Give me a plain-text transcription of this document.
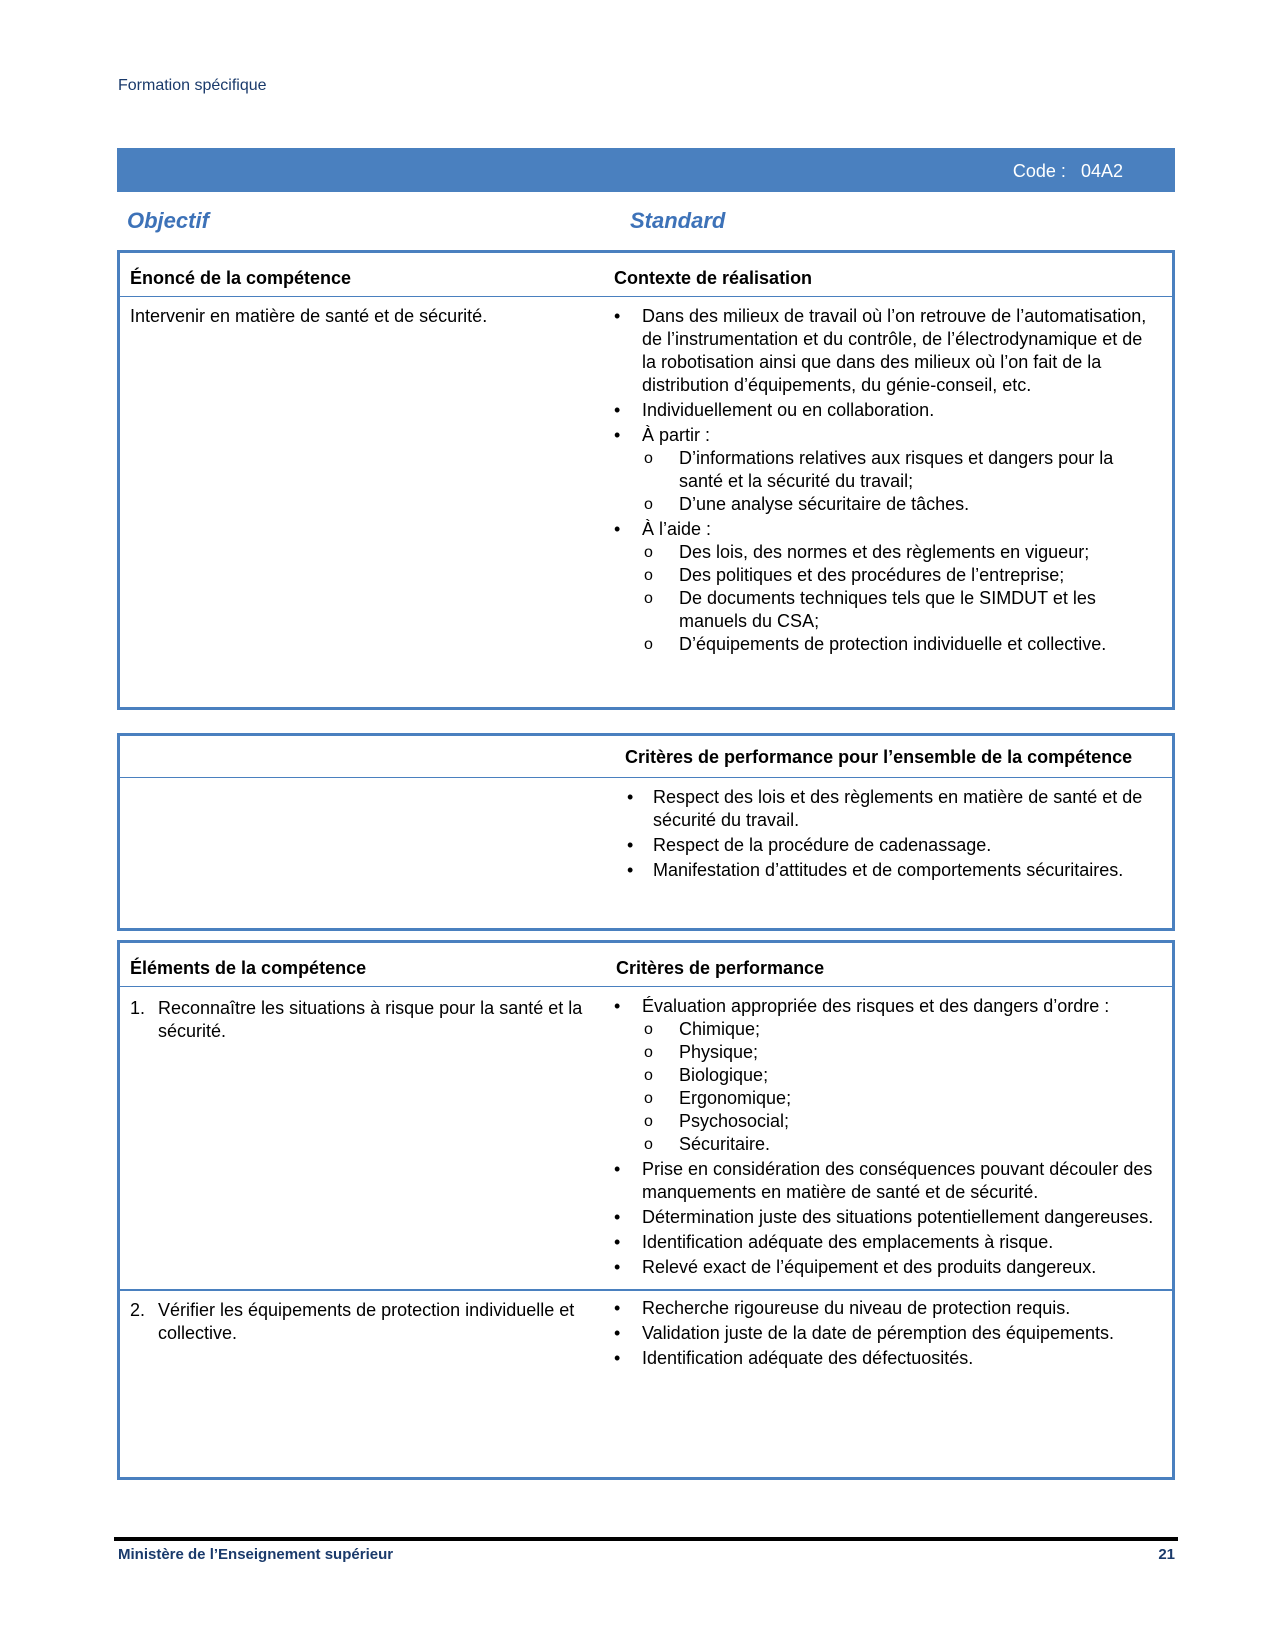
Formation spécifique
Code : 04A2
Objectif	Standard
Énoncé de la compétence	Contexte de réalisation
Intervenir en matière de santé et de sécurité.	• Dans des milieux de travail où l’on retrouve de l’automatisation, de l’instrumentation et du contrôle, de l’électrodynamique et de la robotisation ainsi que dans des milieux où l’on fait de la distribution d’équipements, du génie-conseil, etc.
• Individuellement ou en collaboration.
• À partir :
o D’informations relatives aux risques et dangers pour la santé et la sécurité du travail;
o D’une analyse sécuritaire de tâches.
• À l’aide :
o Des lois, des normes et des règlements en vigueur;
o Des politiques et des procédures de l’entreprise;
o De documents techniques tels que le SIMDUT et les manuels du CSA;
o D’équipements de protection individuelle et collective.
Critères de performance pour l’ensemble de la compétence
• Respect des lois et des règlements en matière de santé et de sécurité du travail.
• Respect de la procédure de cadenassage.
• Manifestation d’attitudes et de comportements sécuritaires.
Éléments de la compétence	Critères de performance
1. Reconnaître les situations à risque pour la santé et la sécurité.
• Évaluation appropriée des risques et des dangers d’ordre :
o Chimique;
o Physique;
o Biologique;
o Ergonomique;
o Psychosocial;
o Sécuritaire.
• Prise en considération des conséquences pouvant découler des manquements en matière de santé et de sécurité.
• Détermination juste des situations potentiellement dangereuses.
• Identification adéquate des emplacements à risque.
• Relevé exact de l’équipement et des produits dangereux.
2. Vérifier les équipements de protection individuelle et collective.
• Recherche rigoureuse du niveau de protection requis.
• Validation juste de la date de péremption des équipements.
• Identification adéquate des défectuosités.
Ministère de l’Enseignement supérieur	21
